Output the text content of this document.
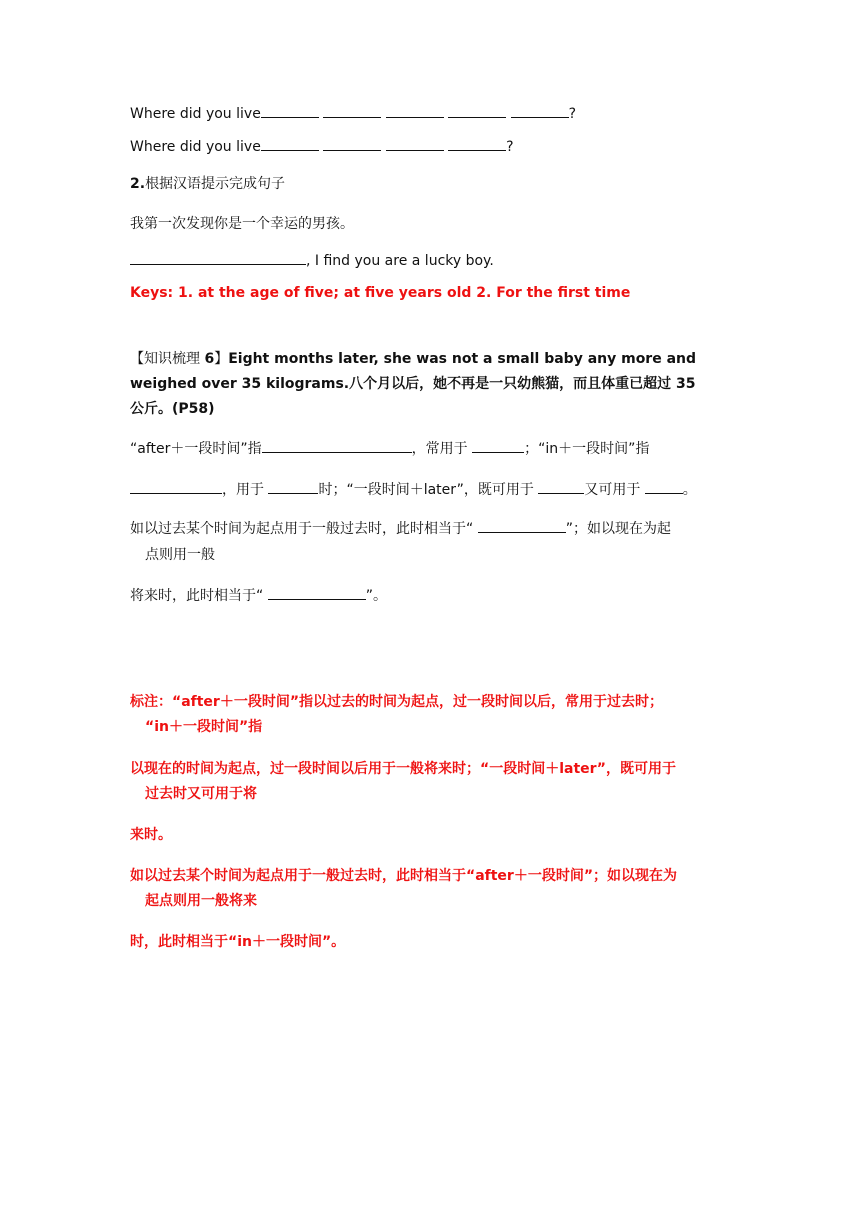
Where did you live	?
Where did you live	?
2.根据汉语提示完成句子
我第一次发现你是一个幸运的男孩。
, I find you are a lucky boy.
Keys: 1. at the age of five; at five years old 2. For the first time
【知识梳理 6】Eight months later, she was not a small baby any more and
weighed over 35 kilograms.八个月以后，她不再是一只幼熊猫，而且体重已超过 35
公斤。(P58)
“after＋一段时间”指	，常用于	；“in＋一段时间”指
，用于	时；“一段时间＋later”，既可用于	又可用于	。
如以过去某个时间为起点用于一般过去时，此时相当于“	”；如以现在为起
点则用一般
将来时，此时相当于“	”。
标注：“after＋一段时间”指以过去的时间为起点，过一段时间以后，常用于过去时；
“in＋一段时间”指
以现在的时间为起点，过一段时间以后用于一般将来时；“一段时间＋later”，既可用于
过去时又可用于将
来时。
如以过去某个时间为起点用于一般过去时，此时相当于“after＋一段时间”；如以现在为
起点则用一般将来
时，此时相当于“in＋一段时间”。
